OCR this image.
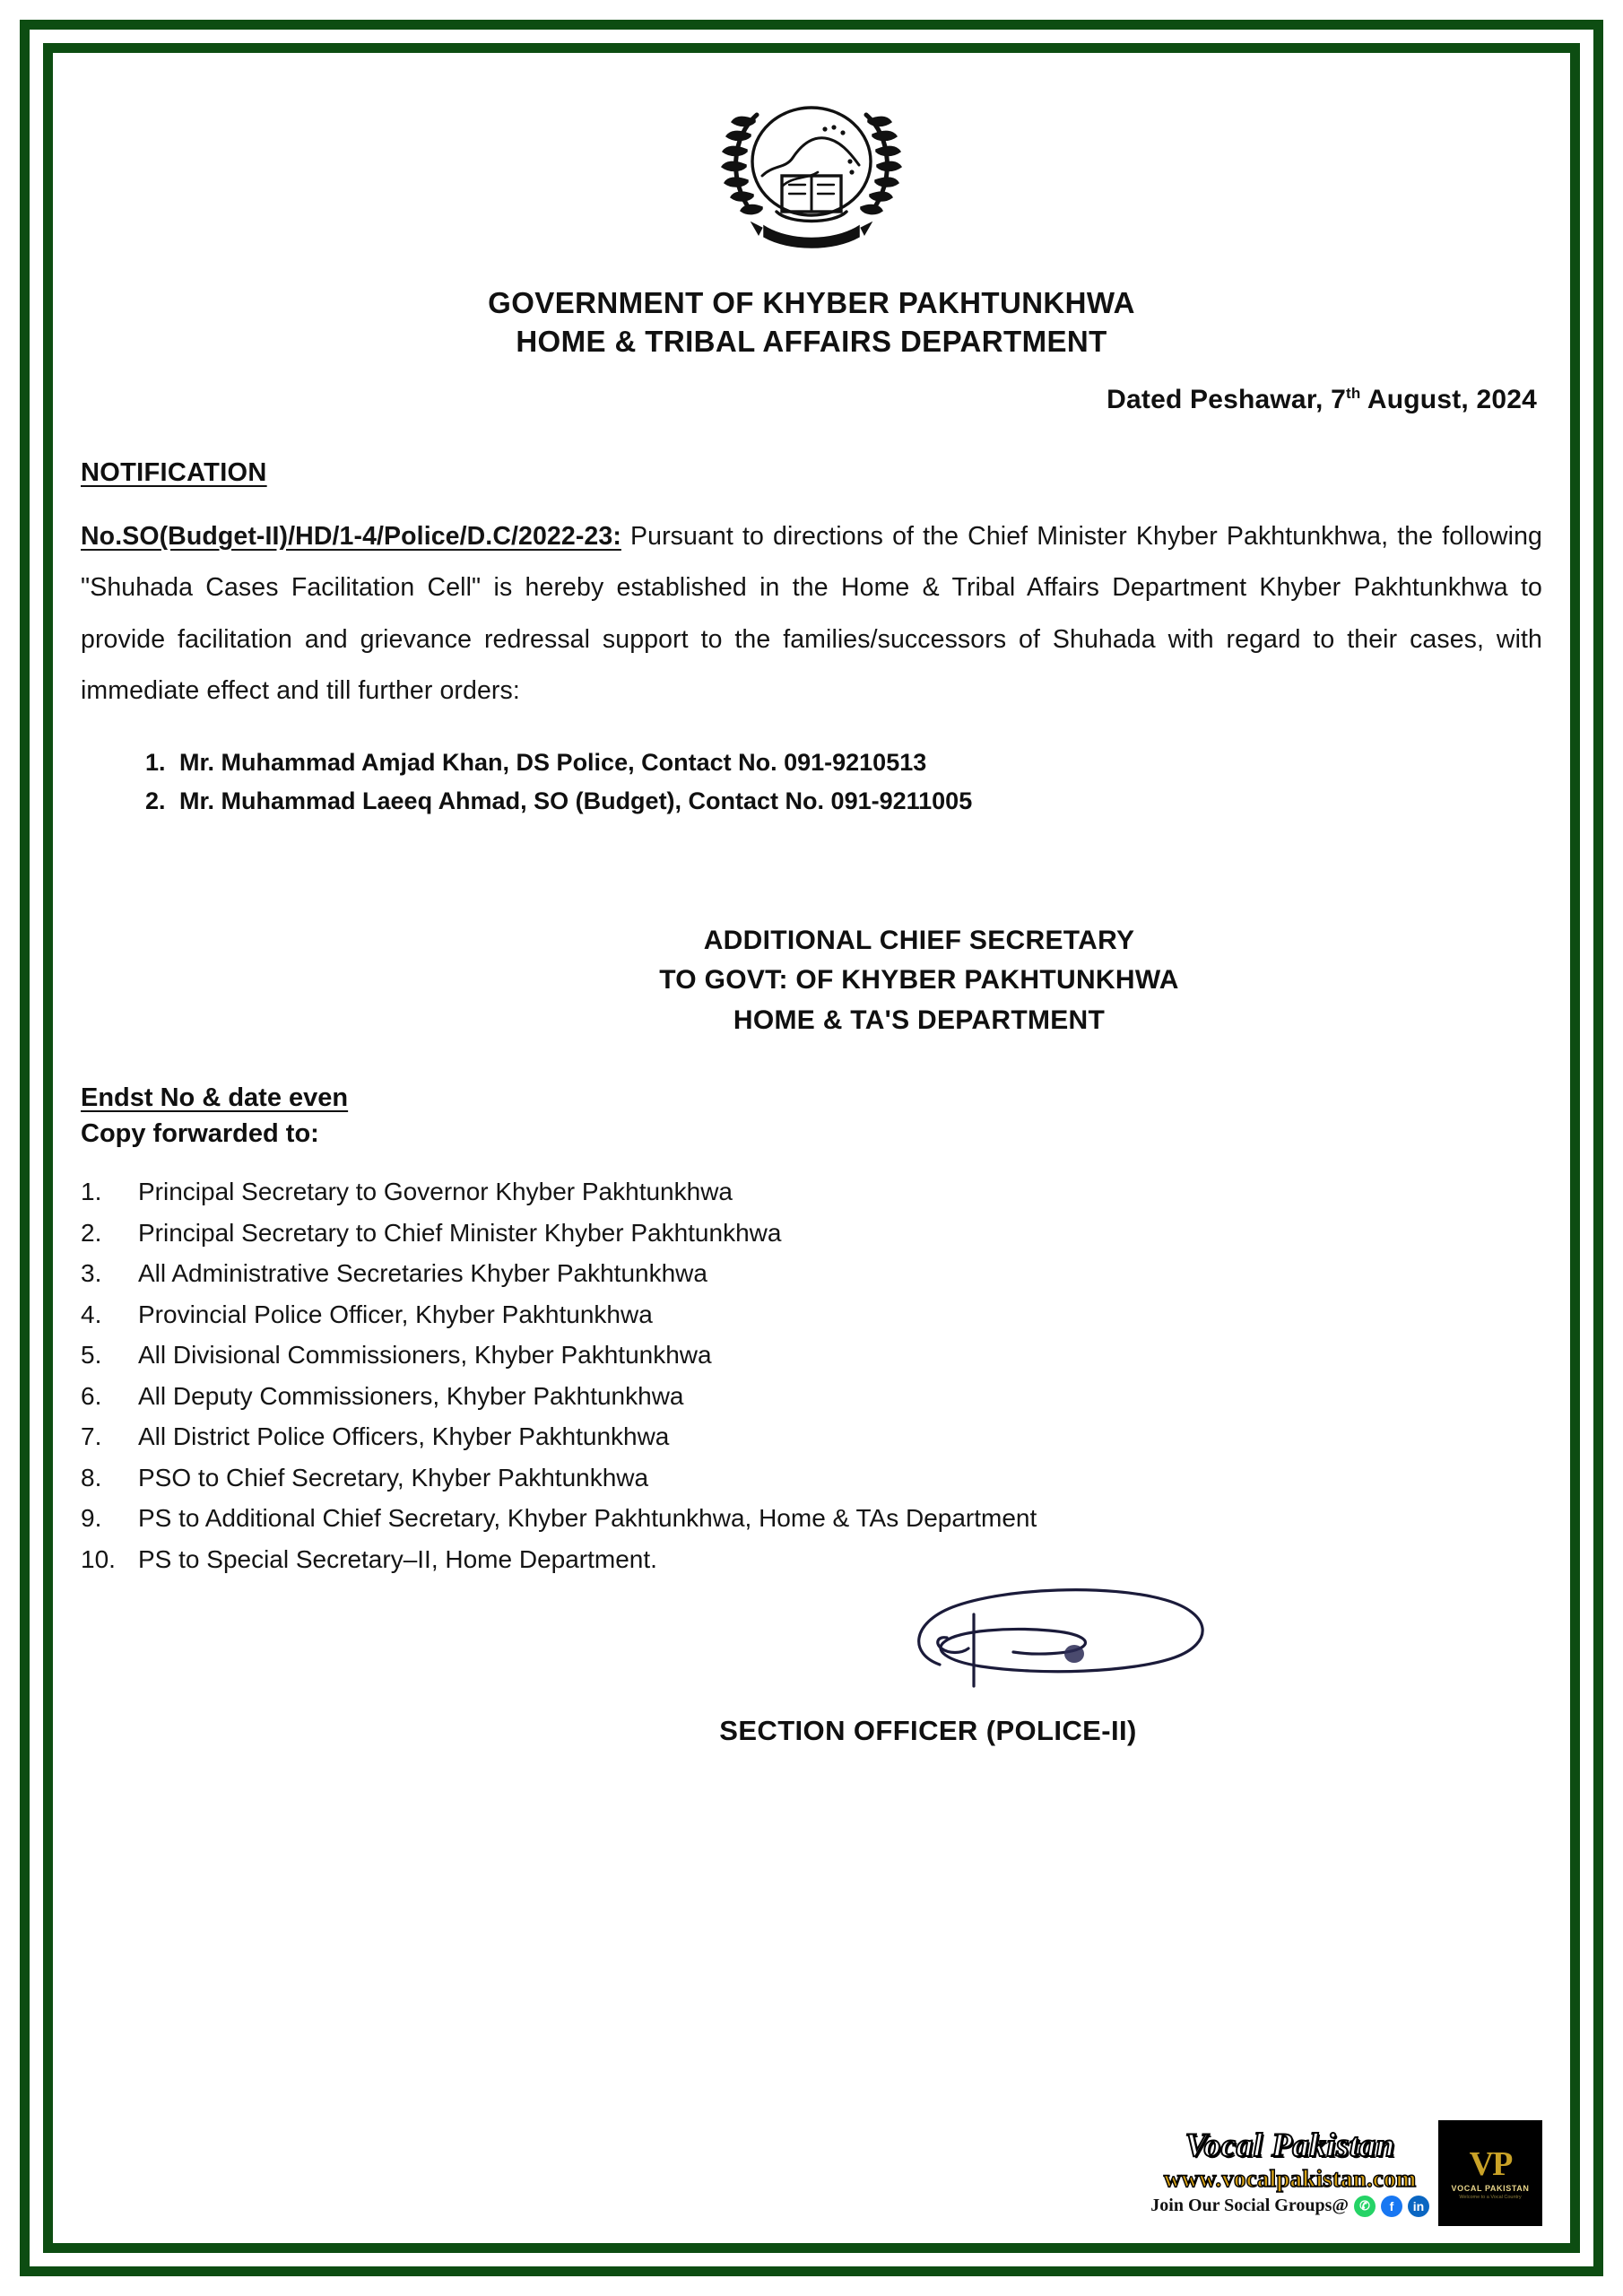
GOVERNMENT OF KHYBER PAKHTUNKHWA
HOME & TRIBAL AFFAIRS DEPARTMENT
Dated Peshawar, 7th August, 2024
NOTIFICATION

No.SO(Budget-II)/HD/1-4/Police/D.C/2022-23: Pursuant to directions of the Chief Minister Khyber Pakhtunkhwa, the following "Shuhada Cases Facilitation Cell" is hereby established in the Home & Tribal Affairs Department Khyber Pakhtunkhwa to provide facilitation and grievance redressal support to the families/successors of Shuhada with regard to their cases, with immediate effect and till further orders:

1. Mr. Muhammad Amjad Khan, DS Police, Contact No. 091-9210513
2. Mr. Muhammad Laeeq Ahmad, SO (Budget), Contact No. 091-9211005
ADDITIONAL CHIEF SECRETARY
TO GOVT: OF KHYBER PAKHTUNKHWA
HOME & TA'S DEPARTMENT
Endst No & date even
Copy forwarded to:
1.	Principal Secretary to Governor Khyber Pakhtunkhwa
2.	Principal Secretary to Chief Minister Khyber Pakhtunkhwa
3.	All Administrative Secretaries Khyber Pakhtunkhwa
4.	Provincial Police Officer, Khyber Pakhtunkhwa
5.	All Divisional Commissioners, Khyber Pakhtunkhwa
6.	All Deputy Commissioners, Khyber Pakhtunkhwa
7.	All District Police Officers, Khyber Pakhtunkhwa
8.	PSO to Chief Secretary, Khyber Pakhtunkhwa
9.	PS to Additional Chief Secretary, Khyber Pakhtunkhwa, Home & TAs Department
10. PS to Special Secretary–II, Home Department.
SECTION OFFICER (POLICE-II)
Vocal Pakistan
www.vocalpakistan.com
Join Our Social Groups@ ✆	f	in
VP
VOCAL PAKISTAN
Welcome to a Vocal Country
